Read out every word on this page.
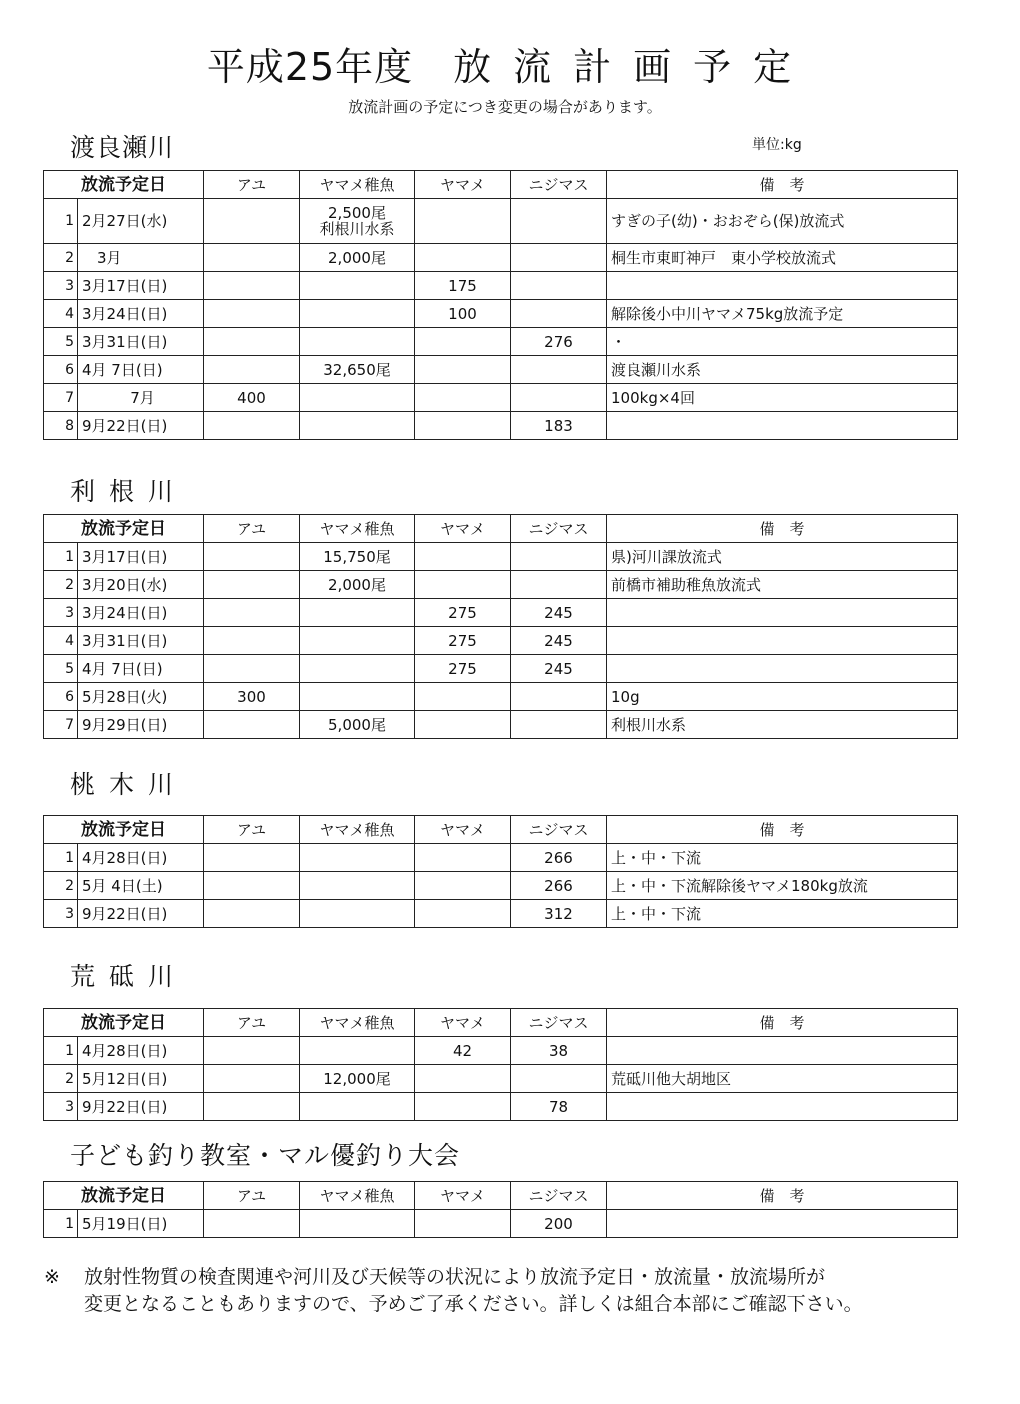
平成25年度 放流計画予定
放流計画の予定につき変更の場合があります。
単位:kg
渡良瀬川
放流予定日		アユ	ヤマメ稚魚	ヤマメ	ニジマス	備　考
1	2月27日(水)		2,500尾
利根川水系			すぎの子(幼)・おおぞら(保)放流式
2	　3月		2,000尾			桐生市東町神戸　東小学校放流式
3	3月17日(日)			175		
4	3月24日(日)			100		解除後小中川ヤマメ75kg放流予定
5	3月31日(日)				276	・
6	4月 7日(日)		32,650尾			渡良瀬川水系
7	7月	400				100kg×4回
8	9月22日(日)				183	
利根川
放流予定日		アユ	ヤマメ稚魚	ヤマメ	ニジマス	備　考
1	3月17日(日)		15,750尾			県)河川課放流式
2	3月20日(水)		2,000尾			前橋市補助稚魚放流式
3	3月24日(日)			275	245	
4	3月31日(日)			275	245	
5	4月 7日(日)			275	245	
6	5月28日(火)	300				10g
7	9月29日(日)		5,000尾			利根川水系
桃木川
放流予定日		アユ	ヤマメ稚魚	ヤマメ	ニジマス	備　考
1	4月28日(日)				266	上・中・下流
2	5月 4日(土)				266	上・中・下流解除後ヤマメ180kg放流
3	9月22日(日)				312	上・中・下流
荒砥川
放流予定日		アユ	ヤマメ稚魚	ヤマメ	ニジマス	備　考
1	4月28日(日)			42	38	
2	5月12日(日)		12,000尾			荒砥川他大胡地区
3	9月22日(日)				78	
子ども釣り教室・マル優釣り大会
放流予定日		アユ	ヤマメ稚魚	ヤマメ	ニジマス	備　考
1	5月19日(日)				200	
※ 放射性物質の検査関連や河川及び天候等の状況により放流予定日・放流量・放流場所が
変更となることもありますので、予めご了承ください。詳しくは組合本部にご確認下さい。
